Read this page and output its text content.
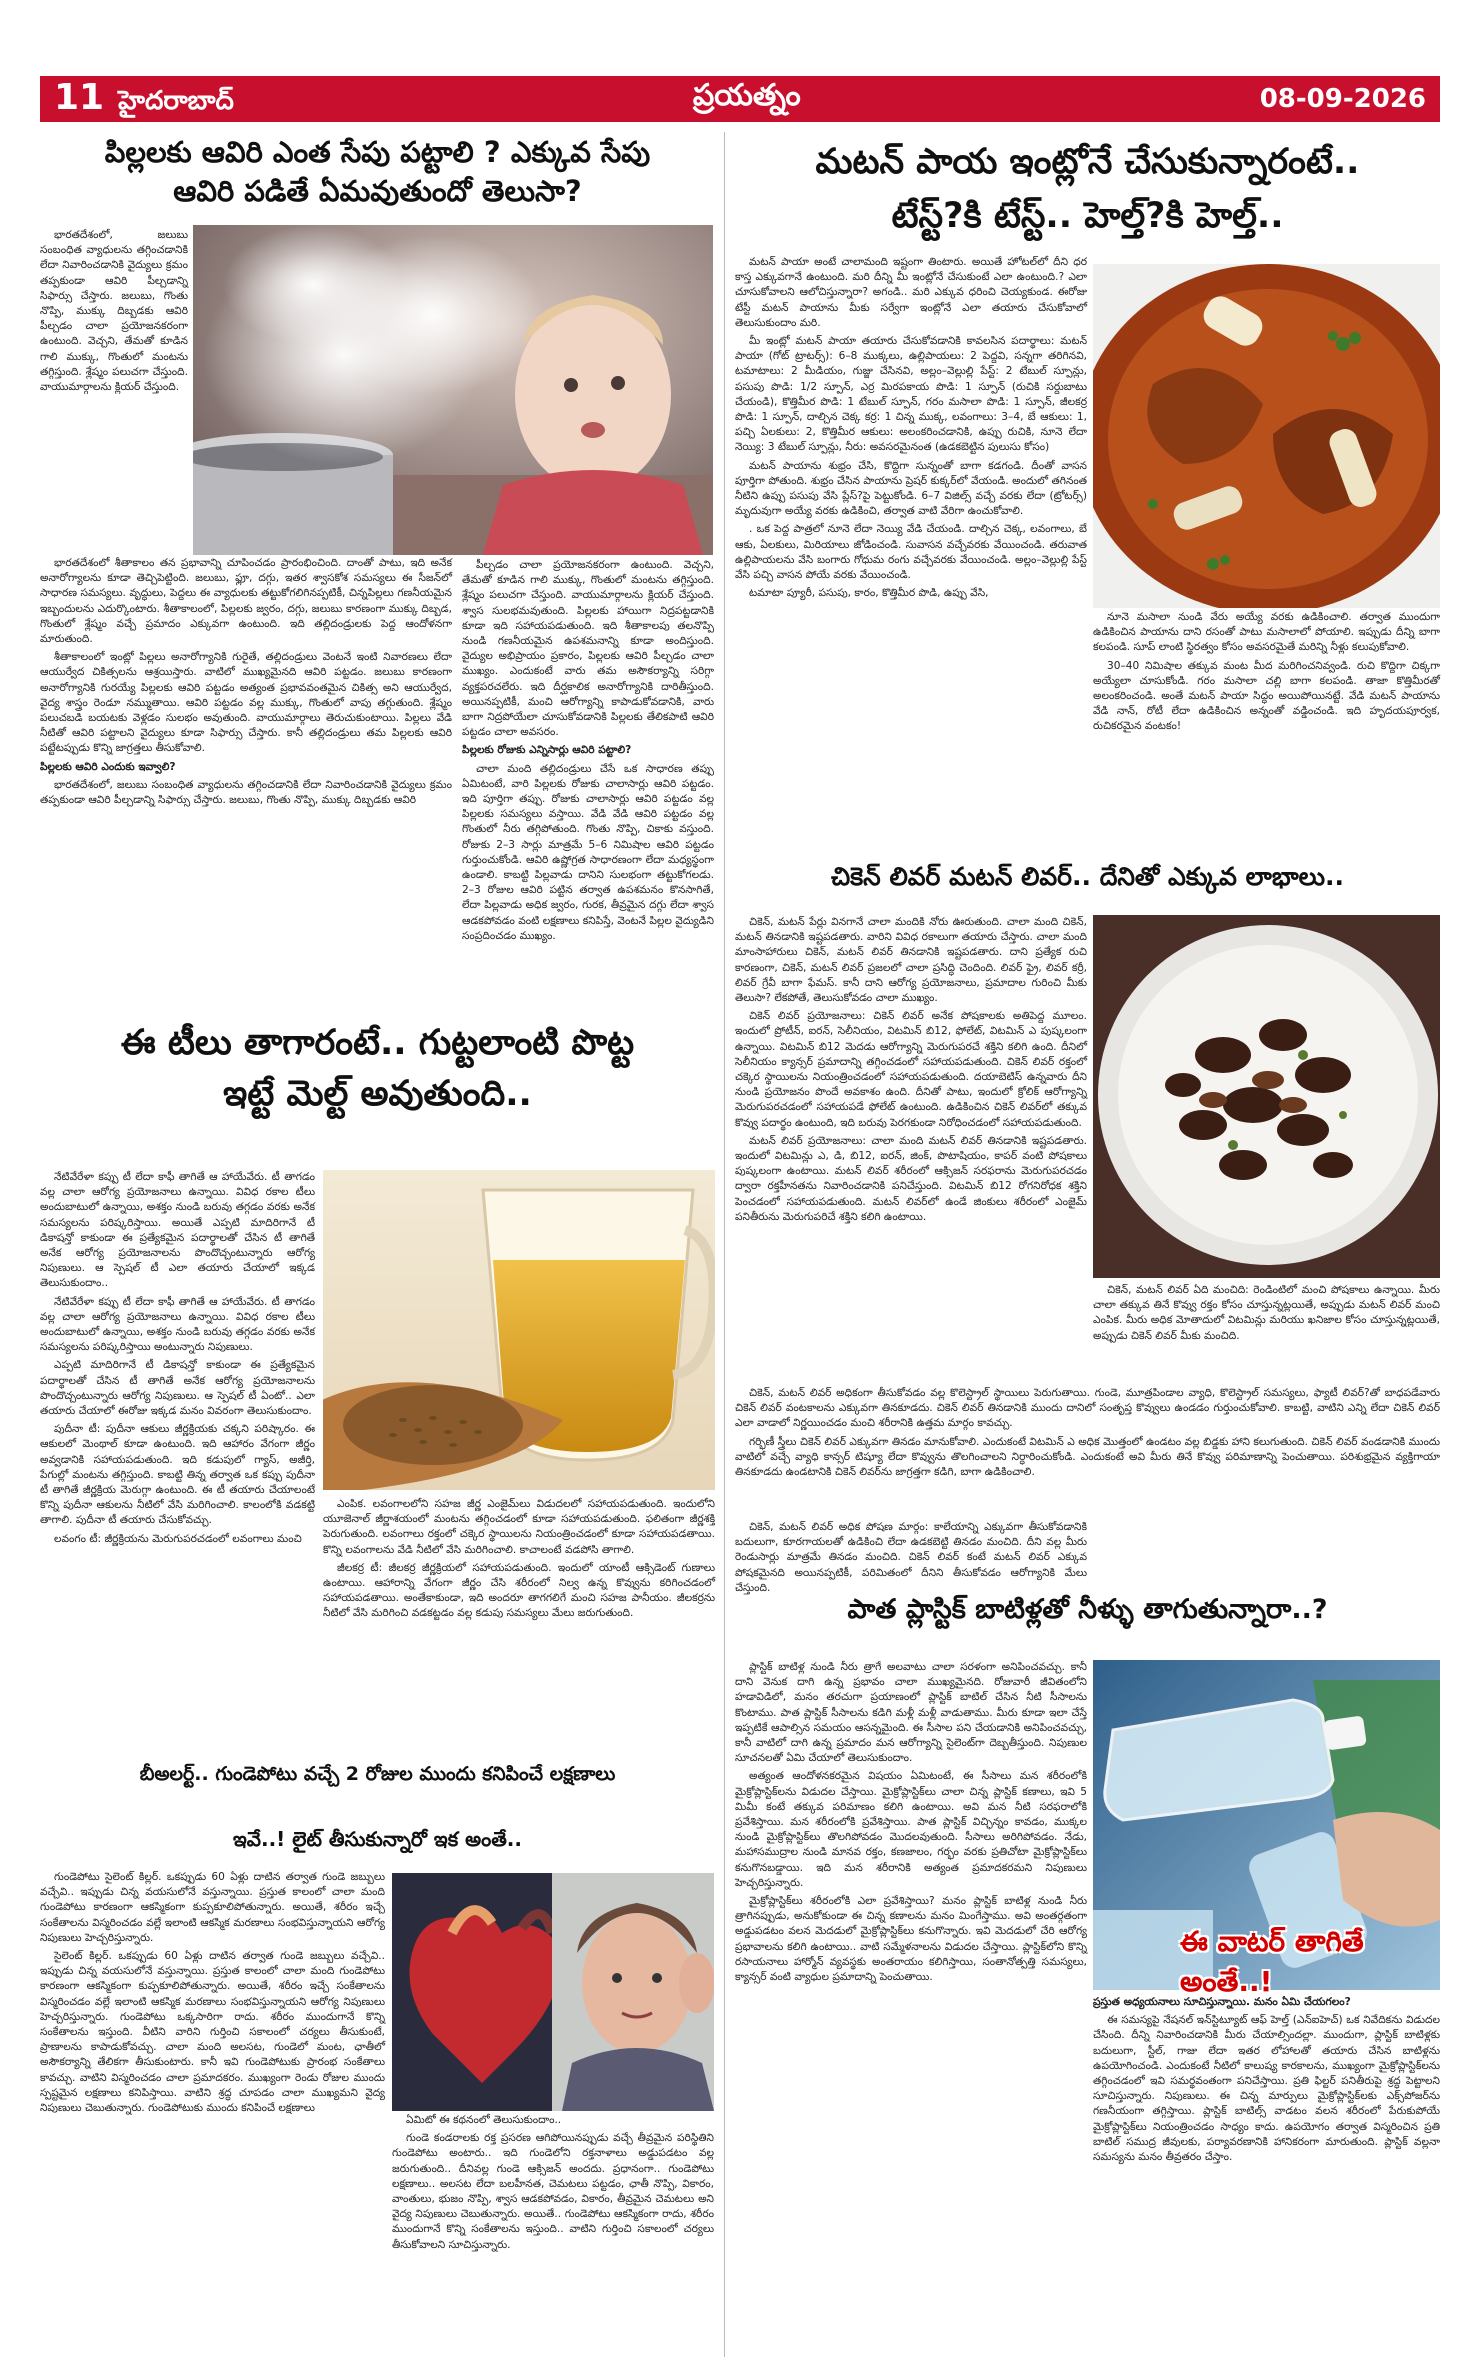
11 హైదరాబాద్	ప్రయత్నం	08-09-2026
పిల్లలకు ఆవిరి ఎంత సేపు పట్టాలి ? ఎక్కువ సేపు
ఆవిరి పడితే ఏమవుతుందో తెలుసా?

భారతదేశంలో, జలుబు సంబంధిత వ్యాధులను తగ్గించడానికి లేదా నివారించడానికి వైద్యులు క్రమం తప్పకుండా ఆవిరి పీల్చడాన్ని సిఫార్సు చేస్తారు. జలుబు, గొంతు నొప్పి, ముక్కు దిబ్బడకు ఆవిరి పీల్చడం చాలా ప్రయోజనకరంగా ఉంటుంది. వెచ్చని, తేమతో కూడిన గాలి ముక్కు, గొంతులో మంటను తగ్గిస్తుంది. శ్లేష్మం పలుచగా చేస్తుంది. వాయుమార్గాలను క్లియర్ చేస్తుంది.

భారతదేశంలో శీతాకాలం తన ప్రభావాన్ని చూపించడం ప్రారంభించింది. దాంతో పాటు, ఇది అనేక అనారోగ్యాలను కూడా తెచ్చిపెట్టింది. జలుబు, ఫ్లూ, దగ్గు, ఇతర శ్వాసకోశ సమస్యలు ఈ సీజన్‌లో సాధారణ సమస్యలు. వృద్ధులు, పెద్దలు ఈ వ్యాధులకు తట్టుకోగలిగినప్పటికీ, చిన్నపిల్లలు గణనీయమైన ఇబ్బందులను ఎదుర్కొంటారు. శీతాకాలంలో, పిల్లలకు జ్వరం, దగ్గు, జలుబు కారణంగా ముక్కు దిబ్బడ, గొంతులో శ్లేష్మం వచ్చే ప్రమాదం ఎక్కువగా ఉంటుంది. ఇది తల్లిదండ్రులకు పెద్ద ఆందోళనగా మారుతుంది.

శీతాకాలంలో ఇంట్లో పిల్లలు అనారోగ్యానికి గురైతే, తల్లిదండ్రులు వెంటనే ఇంటి నివారణలు లేదా ఆయుర్వేద చికిత్సలను ఆశ్రయిస్తారు. వాటిలో ముఖ్యమైనది ఆవిరి పట్టడం. జలుబు కారణంగా అనారోగ్యానికి గురయ్యే పిల్లలకు ఆవిరి పట్టడం అత్యంత ప్రభావవంతమైన చికిత్స అని ఆయుర్వేద, వైద్య శాస్త్రం రెండూ నమ్ముతాయి. ఆవిరి పట్టడం వల్ల ముక్కు, గొంతులో వాపు తగ్గుతుంది. శ్లేష్మం పలుచబడి బయటకు వెళ్లడం సులభం అవుతుంది. వాయుమార్గాలు తెరుచుకుంటాయి. పిల్లలు వేడి నీటితో ఆవిరి పట్టాలని వైద్యులు కూడా సిఫార్సు చేస్తారు. కానీ తల్లిదండ్రులు తమ పిల్లలకు ఆవిరి పట్టేటప్పుడు కొన్ని జాగ్రత్తలు తీసుకోవాలి.

పిల్లలకు ఆవిరి ఎందుకు ఇవ్వాలి?

భారతదేశంలో, జలుబు సంబంధిత వ్యాధులను తగ్గించడానికి లేదా నివారించడానికి వైద్యులు క్రమం తప్పకుండా ఆవిరి పీల్చడాన్ని సిఫార్సు చేస్తారు. జలుబు, గొంతు నొప్పి, ముక్కు దిబ్బడకు ఆవిరి

పీల్చడం చాలా ప్రయోజనకరంగా ఉంటుంది. వెచ్చని, తేమతో కూడిన గాలి ముక్కు, గొంతులో మంటను తగ్గిస్తుంది. శ్లేష్మం పలుచగా చేస్తుంది. వాయుమార్గాలను క్లియర్ చేస్తుంది. శ్వాస సులభమవుతుంది. పిల్లలకు హాయిగా నిద్రపట్టడానికి కూడా ఇది సహాయపడుతుంది. ఇది శీతాకాలపు తలనొప్పి నుండి గణనీయమైన ఉపశమనాన్ని కూడా అందిస్తుంది. వైద్యుల అభిప్రాయం ప్రకారం, పిల్లలకు ఆవిరి పీల్చడం చాలా ముఖ్యం. ఎందుకంటే వారు తమ అసౌకర్యాన్ని సరిగ్గా వ్యక్తపరచలేరు. ఇది దీర్ఘకాలిక అనారోగ్యానికి దారితీస్తుంది. అయినప్పటికీ, మంచి ఆరోగ్యాన్ని కాపాడుకోవడానికి, వారు బాగా నిద్రపోయేలా చూసుకోవడానికి పిల్లలకు తేలికపాటి ఆవిరి పట్టడం చాలా అవసరం.

పిల్లలకు రోజుకు ఎన్నిసార్లు ఆవిరి పట్టాలి?

చాలా మంది తల్లిదండ్రులు చేసే ఒక సాధారణ తప్పు ఏమిటంటే, వారి పిల్లలకు రోజుకు చాలాసార్లు ఆవిరి పట్టడం. ఇది పూర్తిగా తప్పు. రోజుకు చాలాసార్లు ఆవిరి పట్టడం వల్ల పిల్లలకు సమస్యలు వస్తాయి. వేడి వేడి ఆవిరి పట్టడం వల్ల గొంతులో నీరు తగ్గిపోతుంది. గొంతు నొప్పి, చికాకు వస్తుంది. రోజుకు 2–3 సార్లు మాత్రమే 5–6 నిమిషాల ఆవిరి పట్టడం గుర్తుంచుకోండి. ఆవిరి ఉష్ణోగ్రత సాధారణంగా లేదా మధ్యస్థంగా ఉండాలి. కాబట్టి పిల్లవాడు దానిని సులభంగా తట్టుకోగలడు. 2–3 రోజుల ఆవిరి పట్టిన తర్వాత ఉపశమనం కొనసాగితే, లేదా పిల్లవాడు అధిక జ్వరం, గురక, తీవ్రమైన దగ్గు లేదా శ్వాస ఆడకపోవడం వంటి లక్షణాలు కనిపిస్తే, వెంటనే పిల్లల వైద్యుడిని సంప్రదించడం ముఖ్యం.

ఈ టీలు తాగారంటే.. గుట్టలాంటి పొట్ట
ఇట్టే మెల్ట్ అవుతుంది..

నేటివేరేళా కప్పు టీ లేదా కాఫీ తాగితే ఆ హాయేవేరు. టీ తాగడం వల్ల చాలా ఆరోగ్య ప్రయోజనాలు ఉన్నాయి. వివిధ రకాల టీలు అందుబాటులో ఉన్నాయి, అశక్తం నుండి బరువు తగ్గడం వరకు అనేక సమస్యలను పరిష్కరిస్తాయి. అయితే ఎప్పటి మాదిరిగానే టీ డికాషన్తో కాకుండా ఈ ప్రత్యేకమైన పదార్థాలతో చేసిన టీ తాగితే అనేక ఆరోగ్య ప్రయోజనాలను పొందొచ్చంటున్నారు ఆరోగ్య నిపుణులు. ఆ స్పెషల్ టీ ఎలా తయారు చేయాలో ఇక్కడ తెలుసుకుందాం..

నేటివేరేళా కప్పు టీ లేదా కాఫీ తాగితే ఆ హాయేవేరు. టీ తాగడం వల్ల చాలా ఆరోగ్య ప్రయోజనాలు ఉన్నాయి. వివిధ రకాల టీలు అందుబాటులో ఉన్నాయి, అశక్తం నుండి బరువు తగ్గడం వరకు అనేక సమస్యలను పరిష్కరిస్తాయి అంటున్నారు నిపుణులు.

ఎప్పటి మాదిరిగానే టీ డికాషన్తో కాకుండా ఈ ప్రత్యేకమైన పదార్థాలతో చేసిన టీ తాగితే అనేక ఆరోగ్య ప్రయోజనాలను పొందొచ్చంటున్నారు ఆరోగ్య నిపుణులు. ఆ స్పెషల్ టీ ఏంటో.. ఎలా తయారు చేయాలో ఈరోజు ఇక్కడ మనం వివరంగా తెలుసుకుందాం.

పుదీనా టీ: పుదీనా ఆకులు జీర్ణక్రియకు చక్కని పరిష్కారం. ఈ ఆకులలో మెంథాల్ కూడా ఉంటుంది. ఇది ఆహారం వేగంగా జీర్ణం అవ్వడానికి సహాయపడుతుంది. ఇది కడుపులో గ్యాస్, అజీర్తి, పేగుల్లో మంటను తగ్గిస్తుంది. కాబట్టి తిన్న తర్వాత ఒక కప్పు పుదీనా టీ తాగితే జీర్ణక్రియ మెరుగ్గా ఉంటుంది. ఈ టీ తయారు చేయాలంటే కొన్ని పుదీనా ఆకులను నీటిలో వేసి మరిగించాలి. కాలంలోకి వడకట్టి తాగాలి. పుదీనా టీ తయారు చేసుకోవచ్చు.

లవంగం టీ: జీర్ణక్రియను మెరుగుపరచడంలో లవంగాలు మంచి

ఎంపిక. లవంగాలలోని సహజ జీర్ణ ఎంజైమ్‌లు విడుదలలో సహాయపడుతుంది. ఇందులోని యూజెనాల్ జీర్ణాశయంలో మంటను తగ్గించడంలో కూడా సహాయపడుతుంది. ఫలితంగా జీర్ణశక్తి పెరుగుతుంది. లవంగాలు రక్తంలో చక్కెర స్థాయిలను నియంత్రించడంలో కూడా సహాయపడతాయి. కొన్ని లవంగాలను వేడి నీటిలో వేసి మరిగించాలి. కాచాలంటే వడపోసి తాగాలి.

జీలకర్ర టీ: జీలకర్ర జీర్ణక్రియలో సహాయపడుతుంది. ఇందులో యాంటీ ఆక్సిడెంట్ గుణాలు ఉంటాయి. ఆహారాన్ని వేగంగా జీర్ణం చేసి శరీరంలో నిల్వ ఉన్న కొవ్వును కరిగించడంలో సహాయపడతాయి. అంతేకాకుండా, ఇది అందరూ తాగగలిగే మంచి సహజ పానీయం. జీలకర్రను నీటిలో వేసి మరిగించి వడకట్టడం వల్ల కడుపు సమస్యలు మేలు జరుగుతుంది.

బీఅలర్ట్.. గుండెపోటు వచ్చే 2 రోజుల ముందు కనిపించే లక్షణాలు
ఇవే..! లైట్ తీసుకున్నారో ఇక అంతే..

గుండెపోటు సైలెంట్ కిల్లర్. ఒకప్పుడు 60 ఏళ్లు దాటిన తర్వాత గుండె జబ్బులు వచ్చేవి.. ఇప్పుడు చిన్న వయసులోనే వస్తున్నాయి. ప్రస్తుత కాలంలో చాలా మంది గుండెపోటు కారణంగా ఆకస్మికంగా కుప్పకూలిపోతున్నారు. అయితే, శరీరం ఇచ్చే సంకేతాలను విస్మరించడం వల్లే ఇలాంటి ఆకస్మిక మరణాలు సంభవిస్తున్నాయని ఆరోగ్య నిపుణులు హెచ్చరిస్తున్నారు.

సైలెంట్ కిల్లర్. ఒకప్పుడు 60 ఏళ్లు దాటిన తర్వాత గుండె జబ్బులు వచ్చేవి.. ఇప్పుడు చిన్న వయసులోనే వస్తున్నాయి. ప్రస్తుత కాలంలో చాలా మంది గుండెపోటు కారణంగా ఆకస్మికంగా కుప్పకూలిపోతున్నారు. అయితే, శరీరం ఇచ్చే సంకేతాలను విస్మరించడం వల్లే ఇలాంటి ఆకస్మిక మరణాలు సంభవిస్తున్నాయని ఆరోగ్య నిపుణులు హెచ్చరిస్తున్నారు. గుండెపోటు ఒక్కసారిగా రాదు. శరీరం ముందుగానే కొన్ని సంకేతాలను ఇస్తుంది. వీటిని వారిని గుర్తించి సకాలంలో చర్యలు తీసుకుంటే, ప్రాణాలను కాపాడుకోవచ్చు. చాలా మంది అలసట, గుండెలో మంట, ఛాతీలో అసౌకర్యాన్ని తేలికగా తీసుకుంటారు. కానీ ఇవి గుండెపోటుకు ప్రారంభ సంకేతాలు కావచ్చు. వాటిని విస్మరించడం చాలా ప్రమాదకరం. ముఖ్యంగా రెండు రోజుల ముందు స్పష్టమైన లక్షణాలు కనిపిస్తాయి. వాటిని శ్రద్ధ చూపడం చాలా ముఖ్యమని వైద్య నిపుణులు చెబుతున్నారు. గుండెపోటుకు ముందు కనిపించే లక్షణాలు

ఏమిటో ఈ కథనంలో తెలుసుకుందాం..

గుండె కండరాలకు రక్త ప్రసరణ ఆగిపోయినప్పుడు వచ్చే తీవ్రమైన పరిస్థితిని గుండెపోటు అంటారు.. ఇది గుండెలోని రక్తనాళాలు అడ్డుపడటం వల్ల జరుగుతుంది.. దీనివల్ల గుండె ఆక్సిజన్ అందదు. ప్రధానంగా.. గుండెపోటు లక్షణాలు.. అలసట లేదా బలహీనత, చెమటలు పట్టడం, ఛాతీ నొప్పి, వికారం, వాంతులు, భుజం నొప్పి, శ్వాస ఆడకపోవడం, వికారం, తీవ్రమైన చెమటలు అని వైద్య నిపుణులు చెబుతున్నారు. అయితే.. గుండెపోటు ఆకస్మికంగా రాదు, శరీరం ముందుగానే కొన్ని సంకేతాలను ఇస్తుంది.. వాటిని గుర్తించి సకాలంలో చర్యలు తీసుకోవాలని సూచిస్తున్నారు.

మటన్ పాయ ఇంట్లోనే చేసుకున్నారంటే..
టేస్ట్?కి టేస్ట్.. హెల్త్?కి హెల్త్..

మటన్ పాయా అంటే చాలామంది ఇష్టంగా తింటారు. అయితే హోటల్‌లో దీని ధర కాస్త ఎక్కువగానే ఉంటుంది. మరి దీన్ని మీ ఇంట్లోనే చేసుకుంటే ఎలా ఉంటుంది.? ఎలా చూసుకోవాలని ఆలోచిస్తున్నారా? అగండి.. మరి ఎక్కువ ధరించి చెయ్యకుండ. ఈరోజు టేస్టీ మటన్ పాయాను మీకు సర్వేగా ఇంట్లోనే ఎలా తయారు చేసుకోవాలో తెలుసుకుందాం మరి.

మీ ఇంట్లో మటన్ పాయా తయారు చేసుకోవడానికి కావలసిన పదార్థాలు: మటన్ పాయా (గోట్ ట్రాటర్స్): 6–8 ముక్కలు, ఉల్లిపాయలు: 2 పెద్దవి, సన్నగా తరిగినవి, టమాటాలు: 2 మీడియం, గుజ్జు చేసినవి, అల్లం–వెల్లుల్లి పేస్ట్: 2 టేబుల్ స్పూన్లు, పసుపు పొడి: 1/2 స్పూన్, ఎర్ర మిరపకాయ పొడి: 1 స్పూన్ (రుచికి సర్దుబాటు చేయండి), కొత్తిమీర పొడి: 1 టేబుల్ స్పూన్, గరం మసాలా పొడి: 1 స్పూన్, జీలకర్ర పొడి: 1 స్పూన్, దాల్చిన చెక్క కర్ర: 1 చిన్న ముక్క, లవంగాలు: 3–4, బే ఆకులు: 1, పచ్చి ఏలకులు: 2, కొత్తిమీర ఆకులు: అలంకరించడానికి, ఉప్పు రుచికి, నూనె లేదా నెయ్యి: 3 టేబుల్ స్పూన్లు, నీరు: అవసరమైనంత (ఉడకబెట్టిన పులుసు కోసం)

మటన్ పాయాను శుభ్రం చేసి, కొద్దిగా సున్నంతో బాగా కడగండి. దీంతో వాసన పూర్తిగా పోతుంది. శుభ్రం చేసిన పాయాను ప్రెషర్ కుక్కర్‌లో వేయండి. అందులో తగినంత నీటిని ఉప్పు పసుపు వేసి ప్లేస్?పై పెట్టుకోండి. 6–7 విజిల్స్ వచ్చే వరకు లేదా (ట్రోటర్స్) మృదువుగా అయ్యే వరకు ఉడికించి, తర్వాత వాటి వేరిగా ఉంచుకోవాలి.

. ఒక పెద్ద పాత్రలో నూనె లేదా నెయ్యి వేడి చేయండి. దాల్చిన చెక్క, లవంగాలు, బే ఆకు, ఏలకులు, మిరియాలు జోడించండి. సువాసన వచ్చేవరకు వేయించండి. తరువాత ఉల్లిపాయలను వేసి బంగారు గోధుమ రంగు వచ్చేవరకు వేయించండి. అల్లం–వెల్లుల్లి పేస్ట్ వేసి పచ్చి వాసన పోయే వరకు వేయించండి.

టమాటా ప్యూరీ, పసుపు, కారం, కొత్తిమీర పొడి, ఉప్పు వేసి,

నూనె మసాలా నుండి వేరు అయ్యే వరకు ఉడికించాలి. తర్వాత ముందుగా ఉడికించిన పాయాను దాని రసంతో పాటు మసాలాలో పోయాలి. ఇప్పుడు దీన్ని బాగా కలపండి. సూప్ లాంటి స్థిరత్వం కోసం అవసరమైతే మరిన్ని నీళ్లు కలుపుకోవాలి.

30–40 నిమిషాల తక్కువ మంట మీద మరిగించనివ్వండి. రుచి కొద్దిగా చిక్కగా అయ్యేలా చూసుకోండి. గరం మసాలా చల్లి బాగా కలపండి. తాజా కొత్తిమీరతో అలంకరించండి. అంతే మటన్ పాయా సిద్ధం అయిపోయినట్టే. వేడి మటన్ పాయాను వేడి నాన్, రోటీ లేదా ఉడికించిన అన్నంతో వడ్డించండి. ఇది హృదయపూర్వక, రుచికరమైన వంటకం!

చికెన్ లివర్ మటన్ లివర్.. దేనితో ఎక్కువ లాభాలు..

చికెన్, మటన్ పేర్లు వినగానే చాలా మందికి నోరు ఊరుతుంది. చాలా మంది చికెన్, మటన్ తినడానికి ఇష్టపడతారు. వారిని వివిధ రకాలుగా తయారు చేస్తారు. చాలా మంది మాంసాహారులు చికెన్, మటన్ లివర్ తినడానికి ఇష్టపడతారు. దాని ప్రత్యేక రుచి కారణంగా, చికెన్, మటన్ లివర్ ప్రజలలో చాలా ప్రసిద్ధి చెందింది. లివర్ ఫ్రై, లివర్ కర్రీ, లివర్ గ్రేవీ బాగా ఫేమస్. కానీ దాని ఆరోగ్య ప్రయోజనాలు, ప్రమాదాల గురించి మీకు తెలుసా? లేకపోతే, తెలుసుకోవడం చాలా ముఖ్యం.

చికెన్ లివర్ ప్రయోజనాలు: చికెన్ లివర్ అనేక పోషకాలకు అతిపెద్ద మూలం. ఇందులో ప్రోటీన్, ఐరన్, సెలీనియం, విటమిన్ బి12, ఫోలేట్, విటమిన్ ఎ పుష్కలంగా ఉన్నాయి. విటమిన్ బి12 మెదడు ఆరోగ్యాన్ని మెరుగుపరచే శక్తిని కలిగి ఉంది. దీనిలో సెలీనియం క్యాన్సర్ ప్రమాదాన్ని తగ్గించడంలో సహాయపడుతుంది. చికెన్ లివర్ రక్తంలో చక్కెర స్థాయిలను నియంత్రించడంలో సహాయపడుతుంది. దయాబెటిస్ ఉన్నవారు దీని నుండి ప్రయోజనం పొందే అవకాశం ఉంది. దీనితో పాటు, ఇందులో క్రోలిక్ ఆరోగ్యాన్ని మెరుగుపరచడంలో సహాయపడే ఫోలేట్ ఉంటుంది. ఉడికించిన చికెన్ లివర్‌లో తక్కువ కొవ్వు పదార్థం ఉంటుంది, ఇది బరువు పెరగకుండా నిరోధించడంలో సహాయపడుతుంది.

మటన్ లివర్ ప్రయోజనాలు: చాలా మంది మటన్ లివర్ తినడానికి ఇష్టపడతారు. ఇందులో విటమిన్లు ఎ, డి, బి12, ఐరన్, జింక్, పొటాషియం, కాపర్ వంటి పోషకాలు పుష్కలంగా ఉంటాయి. మటన్ లివర్ శరీరంలో ఆక్సిజన్ సరఫరాను మెరుగుపరచడం ద్వారా రక్తహీనతను నివారించడానికి పనిచేస్తుంది. విటమిన్ బి12 రోగనిరోధక శక్తిని పెంచడంలో సహాయపడుతుంది. మటన్ లివర్‌లో ఉండే జింకులు శరీరంలో ఎంజైమ్ పనితీరును మెరుగుపరిచే శక్తిని కలిగి ఉంటాయి.

చికెన్, మటన్ లివర్ ఏది మంచిది: రెండింటిలో మంచి పోషకాలు ఉన్నాయి. మీరు చాలా తక్కువ తినే కొవ్వు రక్తం కోసం చూస్తున్నట్లయితే, అప్పుడు మటన్ లివర్ మంచి ఎంపిక. మీరు అధిక మోతాదులో విటమిన్లు మరియు ఖనిజాల కోసం చూస్తున్నట్లయితే, అప్పుడు చికెన్ లివర్ మీకు మంచిది.

చికెన్, మటన్ లివర్ అధికంగా తీసుకోవడం వల్ల కొలెస్ట్రాల్ స్థాయిలు పెరుగుతాయి. గుండె, మూత్రపిండాల వ్యాధి, కొలెస్ట్రాల్ సమస్యలు, ఫ్యాటీ లివర్?తో బాధపడేవారు చికెన్ లివర్ వంటకాలను ఎక్కువగా తినకూడదు. చికెన్ లివర్ తినడానికి ముందు దానిలో సంతృప్త కొవ్వులు ఉండడం గుర్తుంచుకోవాలి. కాబట్టి, వాటిని ఎన్ని లేదా చికెన్ లివర్ ఎలా వాడాలో నిర్ణయించడం మంచి శరీరానికి ఉత్తమ మార్గం కావచ్చు.

గర్భిణీ స్త్రీలు చికెన్ లివర్ ఎక్కువగా తినడం మానుకోవాలి. ఎందుకంటే విటమిన్ ఎ అధిక మొత్తంలో ఉండటం వల్ల బిడ్డకు హాని కలుగుతుంది. చికెన్ లివర్ వండడానికి ముందు వాటిలో వచ్చే వ్యాధి కాన్సర్ టిష్యూ లేదా కొవ్వును తొలగించాలని నిర్ధారించుకోండి. ఎందుకంటే అవి మీరు తినే కొవ్వు పరిమాణాన్ని పెంచుతాయి. పరిశుభ్రమైన వ్యక్తిగాయా తినకూడదు ఉండటానికి చికెన్ లివర్‌ను జాగ్రత్తగా కడిగి, బాగా ఉడికించాలి.

చికెన్, మటన్ లివర్ అధిక పోషణ మార్గం: కాలేయాన్ని ఎక్కువగా తీసుకోవడానికి బదులుగా, కూరగాయలతో ఉడికించి లేదా ఉడకబెట్టి తినడం మంచిది. దీని వల్ల మీరు రెండుసార్లు మాత్రమే తినడం మంచిది. చికెన్ లివర్ కంటే మటన్ లివర్ ఎక్కువ పోషకమైనది అయినప్పటికీ, పరిమితంలో దీనిని తీసుకోవడం ఆరోగ్యానికి మేలు చేస్తుంది.

పాత ప్లాస్టిక్ బాటిళ్లతో నీళ్ళు తాగుతున్నారా..?

ప్లాస్టిక్ బాటిళ్ల నుండి నీరు త్రాగే అలవాటు చాలా సరళంగా అనిపించవచ్చు. కానీ దాని వెనుక దాగి ఉన్న ప్రభావం చాలా ముఖ్యమైనది. రోజువారీ జీవితంలోని హడావిడిలో, మనం తరచుగా ప్రయాణంలో ప్లాస్టిక్ బాటిల్ చేసిన నీటి సీసాలను కొంటాము. పాత ప్లాస్టిక్ సీసాలను కడిగి మళ్లీ మళ్లీ వాడుతాము. మీరు కూడా ఇలా చేస్తే ఇప్పటికే ఆపాల్సిన సమయం ఆసన్నమైంది. ఈ సీసాల పని చేయడానికి అనిపించవచ్చు, కానీ వాటిలో దాగి ఉన్న ప్రమాదం మన ఆరోగ్యాన్ని సైలెంట్‌గా దెబ్బతీస్తుంది. నిపుణుల సూచనలతో ఏమి చేయాలో తెలుసుకుందాం.

అత్యంత ఆందోళనకరమైన విషయం ఏమిటంటే, ఈ సీసాలు మన శరీరంలోకి మైక్రోప్లాస్టిక్‌లను విడుదల చేస్తాయి. మైక్రోప్లాస్టిక్‌లు చాలా చిన్న ప్లాస్టిక్ కణాలు, ఇవి 5 మిమీ కంటే తక్కువ పరిమాణం కలిగి ఉంటాయి. అవి మన నీటి సరఫరాలోకి ప్రవేశిస్తాయి. మన శరీరంలోకి ప్రవేశిస్తాయి. పాత ప్లాస్టిక్ విచ్ఛిన్నం కావడం, ముక్కల నుండి మైక్రోప్లాస్టిక్‌లు తొలగిపోవడం మొదలవుతుంది. సీసాలు అరిగిపోవడం. నేడు, మహాసముద్రాల నుండి మానవ రక్తం, కణజాలం, గర్భం వరకు ప్రతిచోటా మైక్రోప్లాస్టిక్‌లు కనుగొనబడ్డాయి. ఇది మన శరీరానికి అత్యంత ప్రమాదకరమని నిపుణులు హెచ్చరిస్తున్నారు.

మైక్రోప్లాస్టిక్‌లు శరీరంలోకి ఎలా ప్రవేశిస్తాయి? మనం ప్లాస్టిక్ బాటిళ్ల నుండి నీరు త్రాగినప్పుడు, అనుకోకుండా ఈ చిన్న కణాలను మనం మింగేస్తాము. అవి అంతర్గతంగా అడ్డుపడటం వలన మెదడులో మైక్రోప్లాస్టిక్‌లు కనుగొన్నారు. ఇవి మెదడులో చేరి ఆరోగ్య ప్రభావాలను కలిగి ఉంటాయి.. వాటి సమ్మేళనాలను విడుదల చేస్తాయి. ప్లాస్టిక్‌లోని కొన్ని రసాయనాలు హార్మోన్ వ్యవస్థకు అంతరాయం కలిగిస్తాయి, సంతానోత్పత్తి సమస్యలు, క్యాన్సర్ వంటి వ్యాధుల ప్రమాదాన్ని పెంచుతాయి.

ఈ వాటర్ తాగితే అంతే..!

ప్రస్తుత అధ్యయనాలు సూచిస్తున్నాయి. మనం ఏమి చేయగలం?

ఈ సమస్యపై నేషనల్ ఇన్‌స్టిట్యూట్ ఆఫ్ హెల్త్ (ఎన్‌ఐహెచ్) ఒక నివేదికను విడుదల చేసింది. దీన్ని నివారించడానికి మీరు చేయాల్సిందల్లా. ముందుగా, ప్లాస్టిక్ బాటిళ్లకు బదులుగా, స్టీల్, గాజు లేదా ఇతర లోహాలతో తయారు చేసిన బాటిళ్లను ఉపయోగించండి. ఎందుకంటే నీటిలో కాలుష్య కారకాలను, ముఖ్యంగా మైక్రోప్లాస్టిక్‌లను తగ్గించడంలో ఇవి సమర్థవంతంగా పనిచేస్తాయి. ప్రతి ఫిల్టర్ పనితీరుపై శ్రద్ధ పెట్టాలని సూచిస్తున్నారు. నిపుణులు. ఈ చిన్న మార్పులు మైక్రోప్లాస్టిక్‌లకు ఎక్స్‌పోజర్‌ను గణనీయంగా తగ్గిస్తాయి. ప్లాస్టిక్ బాటిల్స్ వాడటం వలన శరీరంలో పేరుకుపోయే మైక్రోప్లాస్టిక్‌లు నియంత్రించడం సాధ్యం కాదు. ఉపయోగం తర్వాత విస్మరించిన ప్రతి బాటిల్ సముద్ర జీవులకు, పర్యావరణానికి హానికరంగా మారుతుంది. ప్లాస్టిక్ వల్లనా సమస్యను మనం తీవ్రతరం చేస్తాం.
